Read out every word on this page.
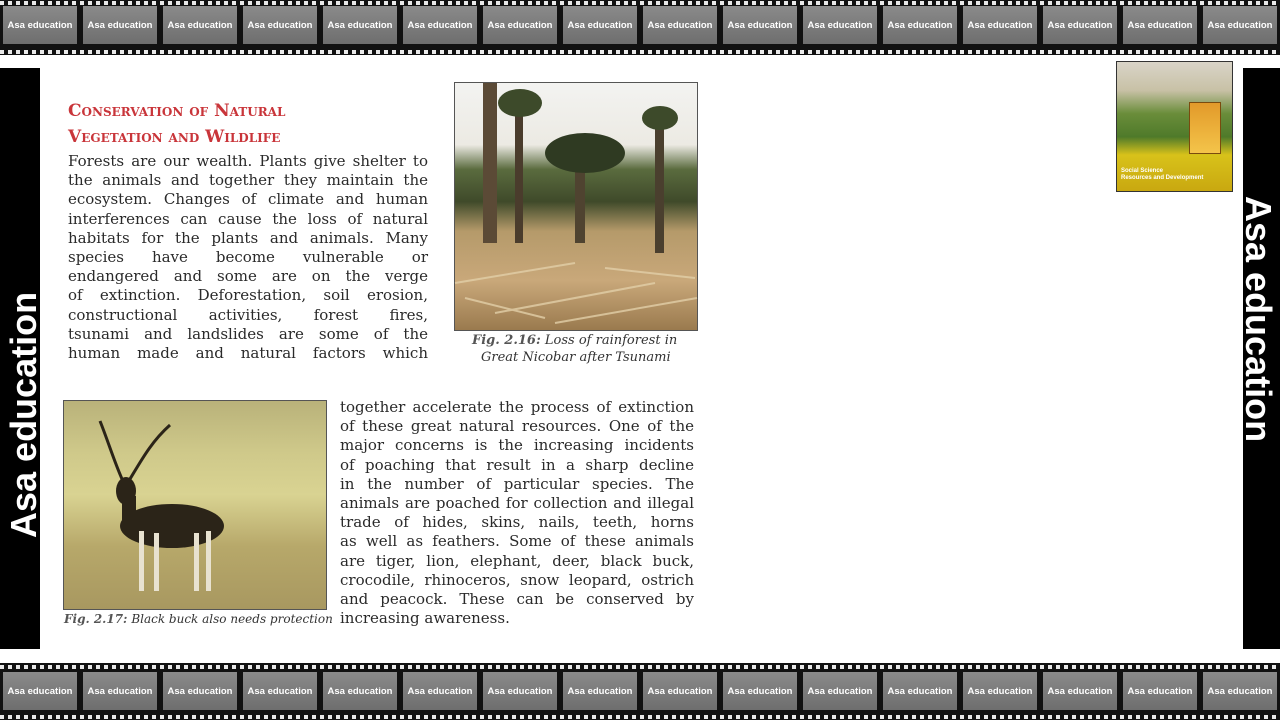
Asa education	Asa education	Asa education	Asa education	Asa education	Asa education	Asa education	Asa education	Asa education	Asa education	Asa education	Asa education	Asa education	Asa education	Asa education	Asa education
Asa education	Asa education	Asa education	Asa education	Asa education	Asa education	Asa education	Asa education	Asa education	Asa education	Asa education	Asa education	Asa education	Asa education	Asa education	Asa education
Asa education	Asa education
Social Science
Resources and Development
Conservation of Natural
Vegetation and Wildlife
Forests are our wealth. Plants give shelter to
the animals and together they maintain the
ecosystem. Changes of climate and human
interferences can cause the loss of natural
habitats for the plants and animals. Many
species have become vulnerable or
endangered and some are on the verge
of extinction. Deforestation, soil erosion,
constructional activities, forest fires,
tsunami and landslides are some of the
human made and natural factors which
Fig. 2.16: Loss of rainforest in
Great Nicobar after Tsunami
Fig. 2.17: Black buck also needs protection
together accelerate the process of extinction
of these great natural resources. One of the
major concerns is the increasing incidents
of poaching that result in a sharp decline
in the number of particular species. The
animals are poached for collection and illegal
trade of hides, skins, nails, teeth, horns
as well as feathers. Some of these animals
are tiger, lion, elephant, deer, black buck,
crocodile, rhinoceros, snow leopard, ostrich
and peacock. These can be conserved by
increasing awareness.
